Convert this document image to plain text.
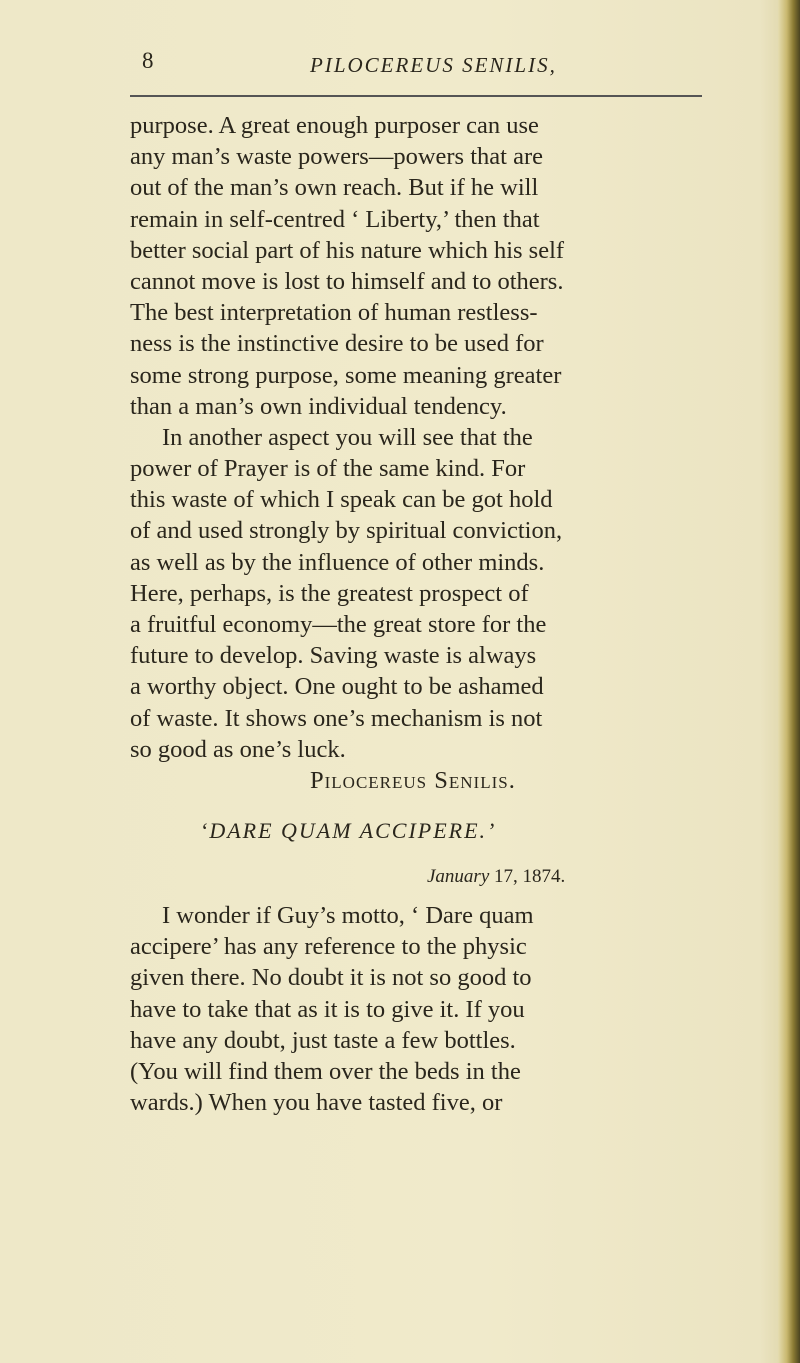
8	PILOCEREUS SENILIS,
purpose. A great enough purposer can use
any man’s waste powers—powers that are
out of the man’s own reach. But if he will
remain in self-centred ‘ Liberty,’ then that
better social part of his nature which his self
cannot move is lost to himself and to others.
The best interpretation of human restless-
ness is the instinctive desire to be used for
some strong purpose, some meaning greater
than a man’s own individual tendency.
In another aspect you will see that the
power of Prayer is of the same kind. For
this waste of which I speak can be got hold
of and used strongly by spiritual conviction,
as well as by the influence of other minds.
Here, perhaps, is the greatest prospect of
a fruitful economy—the great store for the
future to develop. Saving waste is always
a worthy object. One ought to be ashamed
of waste. It shows one’s mechanism is not
so good as one’s luck.
Pilocereus Senilis.
‘DARE QUAM ACCIPERE.’
January 17, 1874.
I wonder if Guy’s motto, ‘ Dare quam
accipere’ has any reference to the physic
given there. No doubt it is not so good to
have to take that as it is to give it. If you
have any doubt, just taste a few bottles.
(You will find them over the beds in the
wards.) When you have tasted five, or
